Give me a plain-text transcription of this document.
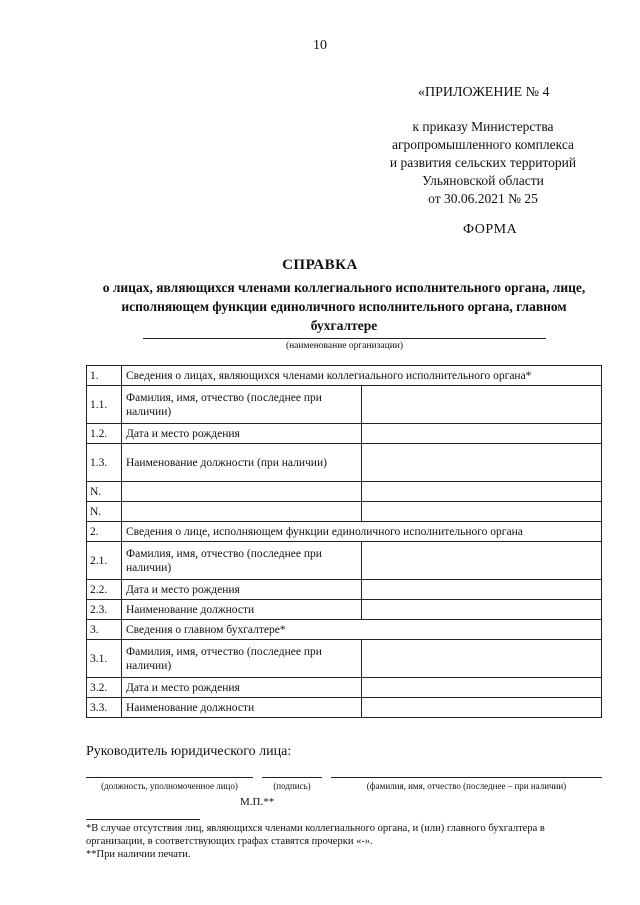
10
«ПРИЛОЖЕНИЕ № 4
к приказу Министерства
агропромышленного комплекса
и развития сельских территорий
Ульяновской области
от 30.06.2021 № 25
ФОРМА
СПРАВКА
о лицах, являющихся членами коллегиального исполнительного органа, лице, исполняющем функции единоличного исполнительного органа, главном бухгалтере
(наименование организации)
1.	Сведения о лицах, являющихся членами коллегиального исполнительного органа*	
1.1.	Фамилия, имя, отчество (последнее при наличии)	
1.2.	Дата и место рождения	
1.3.	Наименование должности (при наличии)	
N.		
N.		
2.	Сведения о лице, исполняющем функции единоличного исполнительного органа	
2.1.	Фамилия, имя, отчество (последнее при наличии)	
2.2.	Дата и место рождения	
2.3.	Наименование должности	
3.	Сведения о главном бухгалтере*	
3.1.	Фамилия, имя, отчество (последнее при наличии)	
3.2.	Дата и место рождения	
3.3.	Наименование должности	
Руководитель юридического лица:
(должность, уполномоченное лицо)	(подпись)	(фамилия, имя, отчество (последнее – при наличии)
М.П.**
*В случае отсутствия лиц, являющихся членами коллегиального органа, и (или) главного бухгалтера в организации, в соответствующих графах ставятся прочерки «-».
**При наличии печати.
